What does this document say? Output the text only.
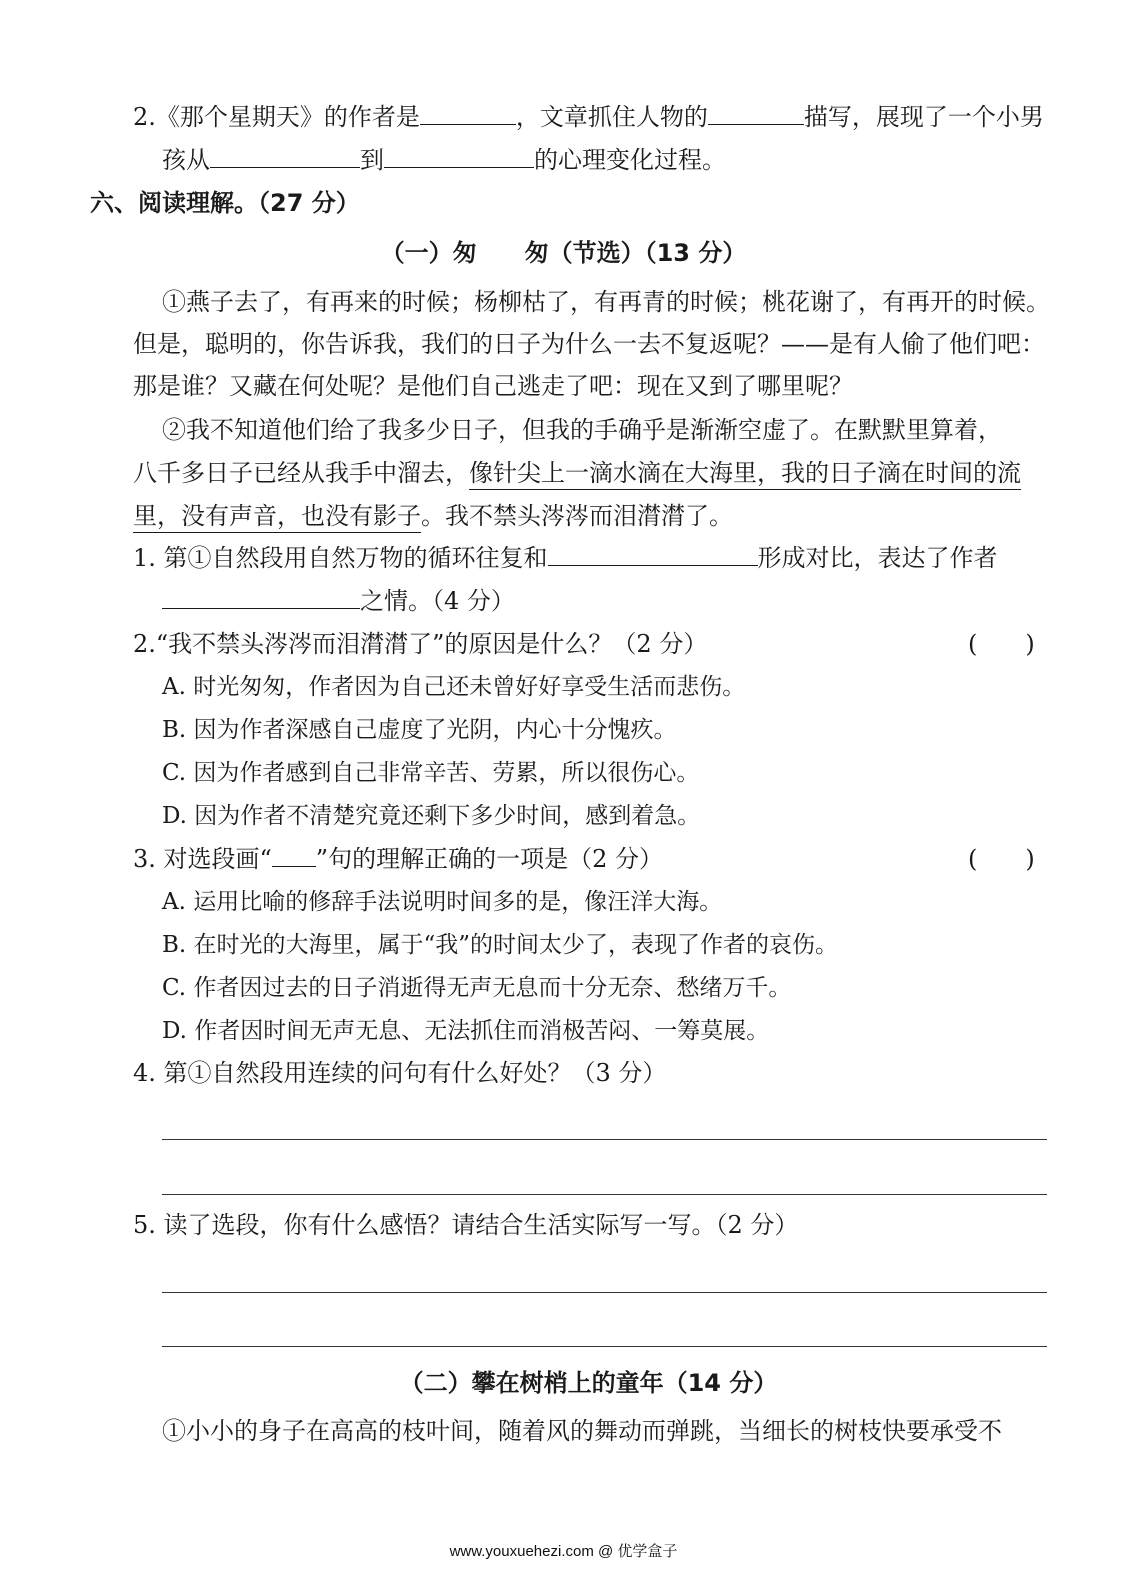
2.《那个星期天》的作者是	，文章抓住人物的	描写，展现了一个小男
孩从	到	的心理变化过程。
六、阅读理解。（27 分）
（一）匆　　匆（节选）（13 分）
①燕子去了，有再来的时候；杨柳枯了，有再青的时候；桃花谢了，有再开的时候。
但是，聪明的，你告诉我，我们的日子为什么一去不复返呢？——是有人偷了他们吧：
那是谁？又藏在何处呢？是他们自己逃走了吧：现在又到了哪里呢？
②我不知道他们给了我多少日子，但我的手确乎是渐渐空虚了。在默默里算着，
八千多日子已经从我手中溜去，像针尖上一滴水滴在大海里，我的日子滴在时间的流
里，没有声音，也没有影子。我不禁头涔涔而泪潸潸了。
1. 第①自然段用自然万物的循环往复和	形成对比，表达了作者
之情。（4 分）
2.“我不禁头涔涔而泪潸潸了”的原因是什么？（2 分）	(　　)
A. 时光匆匆，作者因为自己还未曾好好享受生活而悲伤。
B. 因为作者深感自己虚度了光阴，内心十分愧疚。
C. 因为作者感到自己非常辛苦、劳累，所以很伤心。
D. 因为作者不清楚究竟还剩下多少时间，感到着急。
3. 对选段画“ ”句的理解正确的一项是（2 分）	(　　)
A. 运用比喻的修辞手法说明时间多的是，像汪洋大海。
B. 在时光的大海里，属于“我”的时间太少了，表现了作者的哀伤。
C. 作者因过去的日子消逝得无声无息而十分无奈、愁绪万千。
D. 作者因时间无声无息、无法抓住而消极苦闷、一筹莫展。
4. 第①自然段用连续的问句有什么好处？（3 分）
5. 读了选段，你有什么感悟？请结合生活实际写一写。（2 分）
（二）攀在树梢上的童年（14 分）
①小小的身子在高高的枝叶间，随着风的舞动而弹跳，当细长的树枝快要承受不
www.youxuehezi.com @ 优学盒子
